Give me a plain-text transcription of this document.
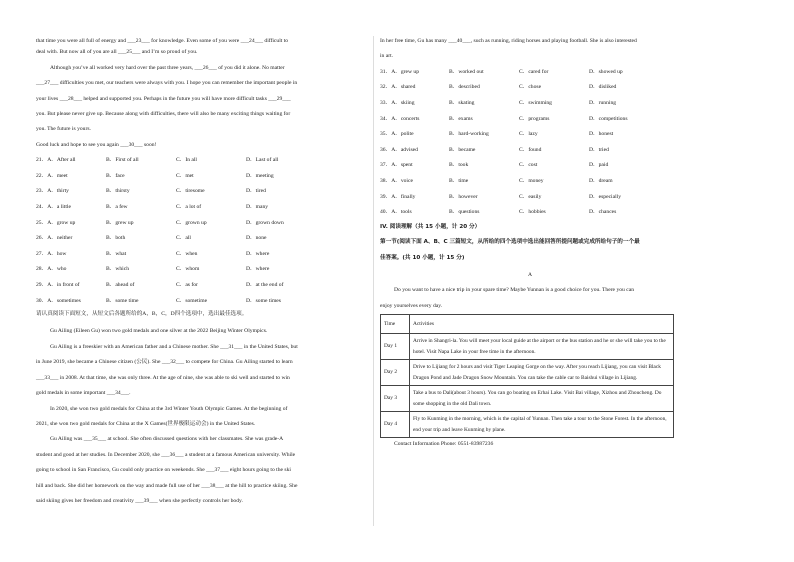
that time you were all full of energy and ___23___ for knowledge. Even some of you were ___24___ difficult to

deal with. But now all of you are all ___25___ and I’m so proud of you.

Although you’ve all worked very hard over the past three years, ___26___ of you did it alone. No matter

___27___ difficulties you met, our teachers were always with you. I hope you can remember the important people in

your lives ___28___ helped and supported you. Perhaps in the future you will have more difficult tasks ___29___

you. But please never give up. Because along with difficulties, there will also be many exciting things waiting for

you. The future is yours.

Good luck and hope to see you again ___30___ soon!

21．A．After all	B．First of all	C．In all	D．Last of all
22．A．meet	B．face	C．met	D．meeting
23．A．thirty	B．thirsty	C．tiresome	D．tired
24．A．a little	B．a few	C．a lot of	D．many
25．A．grow up	B．grew up	C．grown up	D．grown down
26．A．neither	B．both	C．all	D．none
27．A．how	B．what	C．when	D．where
28．A．who	B．which	C．whom	D．where
29．A．in front of	B．ahead of	C．as for	D．at the end of
30．A．sometimes	B．some time	C．sometime	D．some times

请认真阅读下面短文，从短文后各题所给的A，B，C，D四个选项中，选出最佳选项。

Gu Ailing (Eileen Gu) won two gold medals and one silver at the 2022 Beijing Winter Olympics.

Gu Ailing is a freeskier with an American father and a Chinese mother. She ___31___ in the United States, but

in June 2019, she became a Chinese citizen (公民). She ___32___ to compete for China. Gu Ailing started to learn

___33___ in 2008. At that time, she was only three. At the age of nine, she was able to ski well and started to win

gold medals in some important ___34___.

In 2020, she won two gold medals for China at the 3rd Winter Youth Olympic Games. At the beginning of

2021, she won two gold medals for China at the X Games(世界极限运动会) in the United States.

Gu Ailing was ___35___ at school. She often discussed questions with her classmates. She was grade-A

student and good at her studies. In December 2020, she ___36___ a student at a famous American university. While

going to school in San Francisco, Gu could only practice on weekends. She ___37___ eight hours going to the ski

hill and back. She did her homework on the way and made full use of her ___38___ at the hill to practice skiing. She

said skiing gives her freedom and creativity ___39___ when she perfectly controls her body.

In her free time, Gu has many ___40___, such as running, riding horses and playing football. She is also interested

in art.

31．A．grew up	B．worked out	C．cared for	D．showed up
32．A．shared	B．described	C．chose	D．disliked
33．A．skiing	B．skating	C．swimming	D．running
34．A．concerts	B．exams	C．programs	D．competitions
35．A．polite	B．hard-working	C．lazy	D．honest
36．A．advised	B．became	C．found	D．tried
37．A．spent	B．took	C．cost	D．paid
38．A．voice	B．time	C．money	D．dream
39．A．finally	B．however	C．easily	D．especially
40．A．tools	B．questions	C．hobbies	D．chances

IV. 阅读理解（共 15 小题，计 20 分）

第一节(阅读下面 A、B、C 三篇短文，从所给的四个选项中选出能回答所提问题或完成所给句子的一个最

佳答案。(共 10 小题，计 15 分)

A

Do you want to have a nice trip in your spare time? Maybe Yunnan is a good choice for you. There you can

enjoy yourselves every day.

Time	Activities
Day 1	Arrive in Shangri-la. You will meet your local guide at the airport or the bus station and he or she will take you to the hotel. Visit Napa Lake in your free time in the afternoon.
Day 2	Drive to Lijiang for 2 hours and visit Tiger Leaping Gorge on the way. After you reach Lijiang, you can visit Black Dragon Pond and Jade Dragon Snow Mountain. You can take the cable car to Baishui village in Lijiang.
Day 3	Take a bus to Dali(about 3 hours). You can go boating on Erhai Lake. Visit Bai village, Xizhou and Zhoucheng. Do some shopping in the old Dali town.
Day 4	Fly to Kunming in the morning, which is the capital of Yunnan. Then take a tour to the Stone Forest. In the afternoon, end your trip and leave Kunming by plane.

Contact Information Phone: 0551-83987236
